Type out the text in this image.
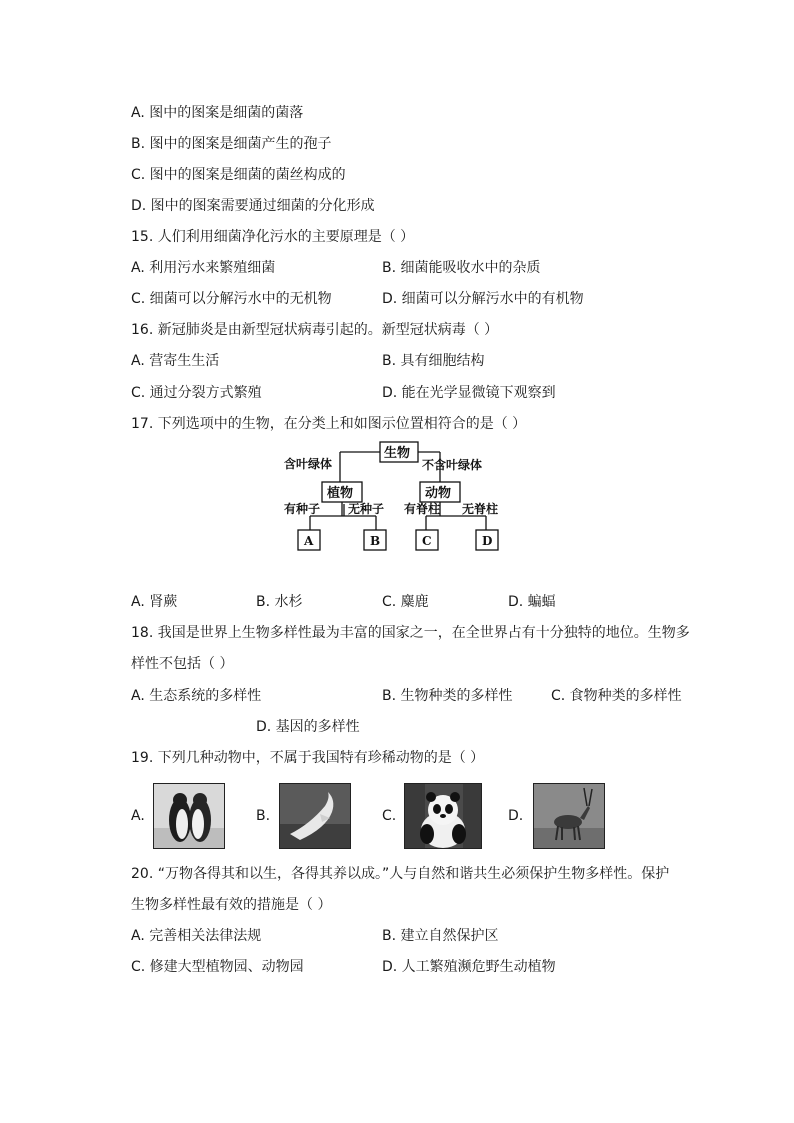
A. 图中的图案是细菌的菌落
B. 图中的图案是细菌产生的孢子
C. 图中的图案是细菌的菌丝构成的
D. 图中的图案需要通过细菌的分化形成
15. 人们利用细菌净化污水的主要原理是（ ）
A. 利用污水来繁殖细菌	B. 细菌能吸收水中的杂质
C. 细菌可以分解污水中的无机物	D. 细菌可以分解污水中的有机物
16. 新冠肺炎是由新型冠状病毒引起的。新型冠状病毒（ ）
A. 营寄生生活	B. 具有细胞结构
C. 通过分裂方式繁殖	D. 能在光学显微镜下观察到
17. 下列选项中的生物，在分类上和如图示位置相符合的是（ ）
生物
含叶绿体	不含叶绿体
植物	动物
有种子 无种子 有脊柱 无脊柱
A	B	C	D
A. 肾蕨	B. 水杉	C. 麋鹿	D. 蝙蝠
18. 我国是世界上生物多样性最为丰富的国家之一，在全世界占有十分独特的地位。生物多
样性不包括（ ）
A. 生态系统的多样性	B. 生物种类的多样性	C. 食物种类的多样性
D. 基因的多样性
19. 下列几种动物中，不属于我国特有珍稀动物的是（ ）
A.	B.	C.	D.
20. “万物各得其和以生，各得其养以成。”人与自然和谐共生必须保护生物多样性。保护
生物多样性最有效的措施是（ ）
A. 完善相关法律法规	B. 建立自然保护区
C. 修建大型植物园、动物园	D. 人工繁殖濒危野生动植物
